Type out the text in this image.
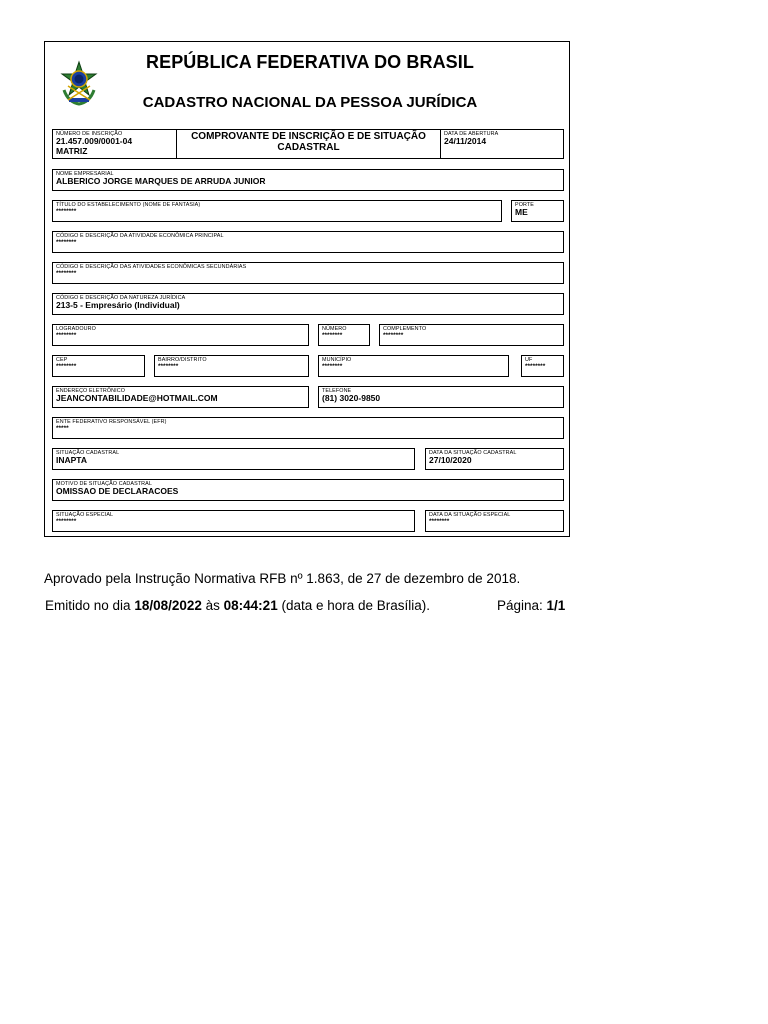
REPÚBLICA FEDERATIVA DO BRASIL
CADASTRO NACIONAL DA PESSOA JURÍDICA
NÚMERO DE INSCRIÇÃO
21.457.009/0001-04
MATRIZ
COMPROVANTE DE INSCRIÇÃO E DE SITUAÇÃO
CADASTRAL
DATA DE ABERTURA
24/11/2014
NOME EMPRESARIAL
ALBERICO JORGE MARQUES DE ARRUDA JUNIOR
TÍTULO DO ESTABELECIMENTO (NOME DE FANTASIA)
********
PORTE
ME
CÓDIGO E DESCRIÇÃO DA ATIVIDADE ECONÔMICA PRINCIPAL
********
CÓDIGO E DESCRIÇÃO DAS ATIVIDADES ECONÔMICAS SECUNDÁRIAS
********
CÓDIGO E DESCRIÇÃO DA NATUREZA JURÍDICA
213-5 - Empresário (Individual)
LOGRADOURO
********
NÚMERO
********
COMPLEMENTO
********
CEP
********
BAIRRO/DISTRITO
********
MUNICÍPIO
********
UF
********
ENDEREÇO ELETRÔNICO
JEANCONTABILIDADE@HOTMAIL.COM
TELEFONE
(81) 3020-9850
ENTE FEDERATIVO RESPONSÁVEL (EFR)
*****
SITUAÇÃO CADASTRAL
INAPTA
DATA DA SITUAÇÃO CADASTRAL
27/10/2020
MOTIVO DE SITUAÇÃO CADASTRAL
OMISSAO DE DECLARACOES
SITUAÇÃO ESPECIAL
********
DATA DA SITUAÇÃO ESPECIAL
********
Aprovado pela Instrução Normativa RFB nº 1.863, de 27 de dezembro de 2018.
Emitido no dia 18/08/2022 às 08:44:21 (data e hora de Brasília).	Página: 1/1
